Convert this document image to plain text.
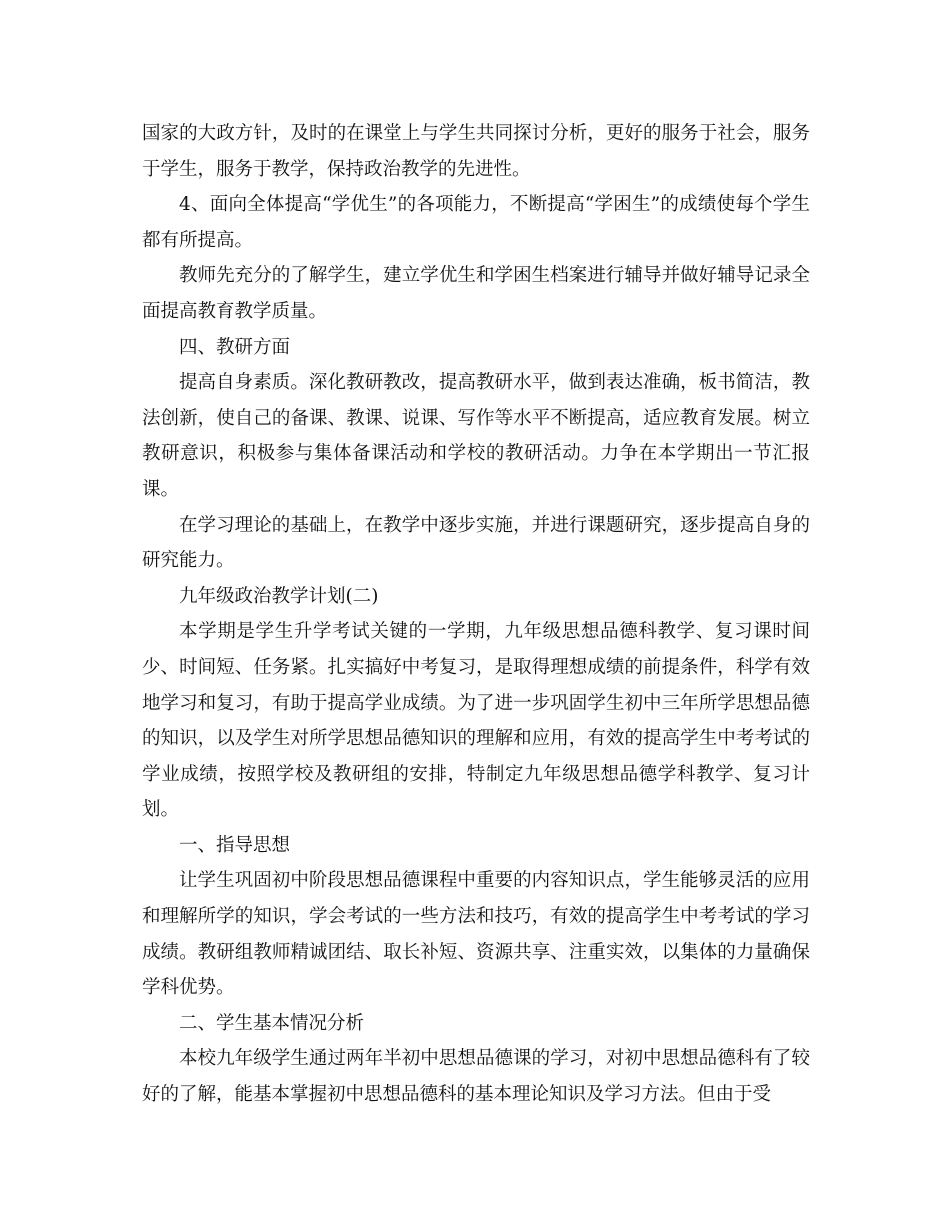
国家的大政方针，及时的在课堂上与学生共同探讨分析，更好的服务于社会，服务于学生，服务于教学，保持政治教学的先进性。

4、面向全体提高“学优生”的各项能力，不断提高“学困生”的成绩使每个学生都有所提高。

教师先充分的了解学生，建立学优生和学困生档案进行辅导并做好辅导记录全面提高教育教学质量。

四、教研方面

提高自身素质。深化教研教改，提高教研水平，做到表达准确，板书简洁，教法创新，使自己的备课、教课、说课、写作等水平不断提高，适应教育发展。树立教研意识，积极参与集体备课活动和学校的教研活动。力争在本学期出一节汇报课。

在学习理论的基础上，在教学中逐步实施，并进行课题研究，逐步提高自身的研究能力。

九年级政治教学计划(二)

本学期是学生升学考试关键的一学期，九年级思想品德科教学、复习课时间少、时间短、任务紧。扎实搞好中考复习，是取得理想成绩的前提条件，科学有效地学习和复习，有助于提高学业成绩。为了进一步巩固学生初中三年所学思想品德的知识，以及学生对所学思想品德知识的理解和应用，有效的提高学生中考考试的学业成绩，按照学校及教研组的安排，特制定九年级思想品德学科教学、复习计划。

一、指导思想

让学生巩固初中阶段思想品德课程中重要的内容知识点，学生能够灵活的应用和理解所学的知识，学会考试的一些方法和技巧，有效的提高学生中考考试的学习成绩。教研组教师精诚团结、取长补短、资源共享、注重实效，以集体的力量确保学科优势。

二、学生基本情况分析

本校九年级学生通过两年半初中思想品德课的学习，对初中思想品德科有了较好的了解，能基本掌握初中思想品德科的基本理论知识及学习方法。但由于受
